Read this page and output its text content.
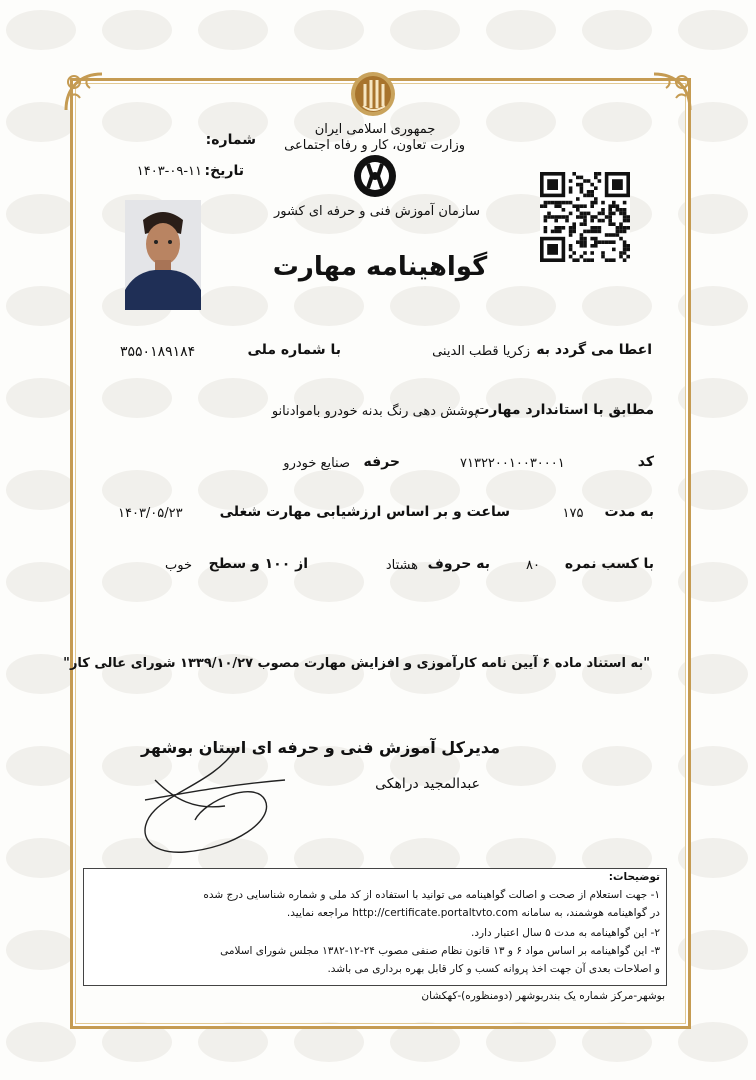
جمهوری اسلامی ایران
وزارت تعاون، کار و رفاه اجتماعی
سازمان آموزش فنی و حرفه ای کشور
شماره:
تاریخ:
۱۴۰۳-۰۹-۱۱
گواهینامه مهارت
اعطا می گردد به
زکریا قطب الدینی
با شماره ملی
۳۵۵۰۱۸۹۱۸۴
مطابق با استاندارد مهارت
پوشش دهی رنگ بدنه خودرو باموادنانو
کد
۷۱۳۲۲۰۰۱۰۰۳۰۰۰۱
حرفه
صنایع خودرو
به مدت
۱۷۵
ساعت و بر اساس ارزشیابی مهارت شغلی
۱۴۰۳/۰۵/۲۳
با کسب نمره
۸۰
به حروف
هشتاد
از ۱۰۰ و سطح
خوب
"به استناد ماده ۶ آیین نامه کارآموزی و افزایش مهارت مصوب ۱۳۳۹/۱۰/۲۷ شورای عالی کار"
مدیرکل آموزش فنی و حرفه ای استان بوشهر
عبدالمجید دراهکی
توضیحات:
۱- جهت استعلام از صحت و اصالت گواهینامه می توانید با استفاده از کد ملی و شماره شناسایی درج شده
در گواهینامه هوشمند، به سامانه http://certificate.portaltvto.com مراجعه نمایید.
۲- این گواهینامه به مدت ۵ سال اعتبار دارد.
۳- این گواهینامه بر اساس مواد ۶ و ۱۳ قانون نظام صنفی مصوب ۲۴-۱۲-۱۳۸۲ مجلس شورای اسلامی
و اصلاحات بعدی آن جهت اخذ پروانه کسب و کار قابل بهره برداری می باشد.
بوشهر-مرکز شماره یک بندربوشهر (دومنظوره)-کهکشان
